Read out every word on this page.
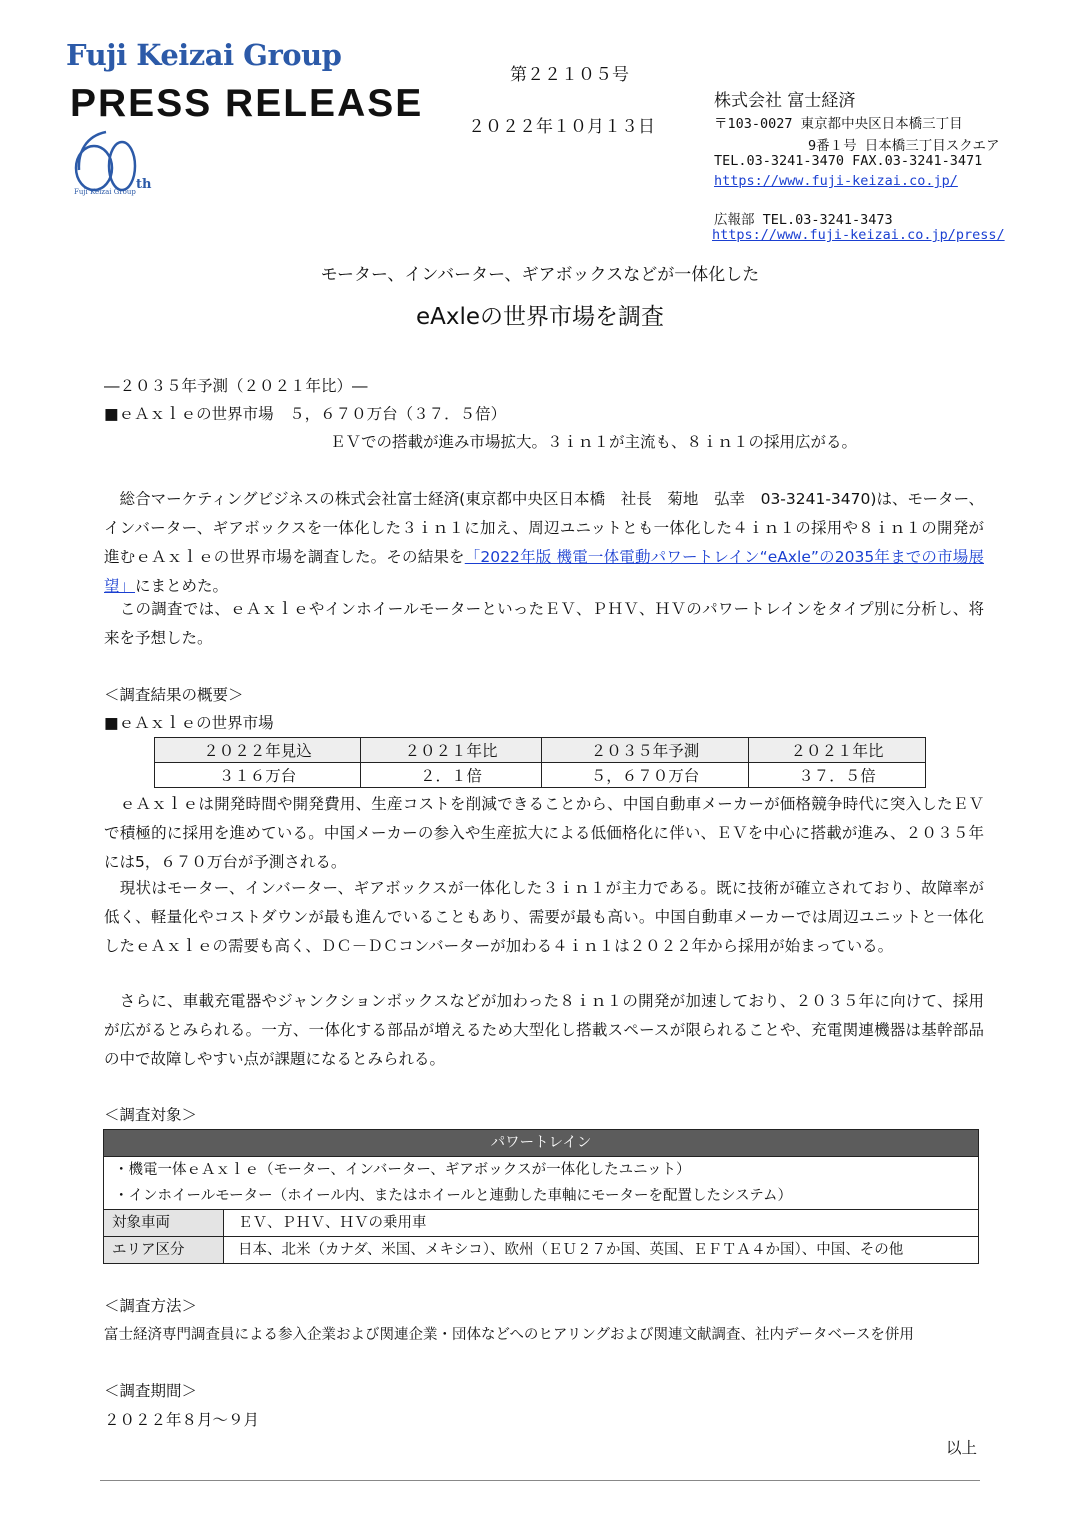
Fuji Keizai Group
PRESS RELEASE
th
Fuji Keizai Group
第２２１０５号
２０２２年１０月１３日
株式会社 富士経済
〒103-0027 東京都中央区日本橋三丁目
9番１号 日本橋三丁目スクエア
TEL.03-3241-3470 FAX.03-3241-3471
https://www.fuji-keizai.co.jp/
広報部 TEL.03-3241-3473
https://www.fuji-keizai.co.jp/press/
モーター、インバーター、ギアボックスなどが一体化した
eAxleの世界市場を調査
―２０３５年予測（２０２１年比）―
■ｅＡｘｌｅの世界市場　５，６７０万台（３７．５倍）
ＥＶでの搭載が進み市場拡大。３ｉｎ１が主流も、８ｉｎ１の採用広がる。
　総合マーケティングビジネスの株式会社富士経済(東京都中央区日本橋　社長　菊地　弘幸　03-3241-3470)は、モーター、インバーター、ギアボックスを一体化した３ｉｎ１に加え、周辺ユニットとも一体化した４ｉｎ１の採用や８ｉｎ１の開発が進むｅＡｘｌｅの世界市場を調査した。その結果を「2022年版 機電一体電動パワートレイン“eAxle”の2035年までの市場展望」にまとめた。
　この調査では、ｅＡｘｌｅやインホイールモーターといったＥＶ、ＰＨＶ、ＨＶのパワートレインをタイプ別に分析し、将来を予想した。
＜調査結果の概要＞
■ｅＡｘｌｅの世界市場
２０２２年見込	２０２１年比	２０３５年予測	２０２１年比
３１６万台	２．１倍	５，６７０万台	３７．５倍
　ｅＡｘｌｅは開発時間や開発費用、生産コストを削減できることから、中国自動車メーカーが価格競争時代に突入したＥＶで積極的に採用を進めている。中国メーカーの参入や生産拡大による低価格化に伴い、ＥＶを中心に搭載が進み、２０３５年には5，６７０万台が予測される。
　現状はモーター、インバーター、ギアボックスが一体化した３ｉｎ１が主力である。既に技術が確立されており、故障率が低く、軽量化やコストダウンが最も進んでいることもあり、需要が最も高い。中国自動車メーカーでは周辺ユニットと一体化したｅＡｘｌｅの需要も高く、ＤＣ－ＤＣコンバーターが加わる４ｉｎ１は２０２２年から採用が始まっている。
　さらに、車載充電器やジャンクションボックスなどが加わった８ｉｎ１の開発が加速しており、２０３５年に向けて、採用が広がるとみられる。一方、一体化する部品が増えるため大型化し搭載スペースが限られることや、充電関連機器は基幹部品の中で故障しやすい点が課題になるとみられる。
＜調査対象＞
パワートレイン
・機電一体ｅＡｘｌｅ（モーター、インバーター、ギアボックスが一体化したユニット）
・インホイールモーター（ホイール内、またはホイールと連動した車軸にモーターを配置したシステム）
対象車両	ＥＶ、ＰＨＶ、ＨＶの乗用車
エリア区分	日本、北米（カナダ、米国、メキシコ）、欧州（ＥＵ２７か国、英国、ＥＦＴＡ４か国）、中国、その他
＜調査方法＞
富士経済専門調査員による参入企業および関連企業・団体などへのヒアリングおよび関連文献調査、社内データベースを併用
＜調査期間＞
２０２２年８月～９月
以上
